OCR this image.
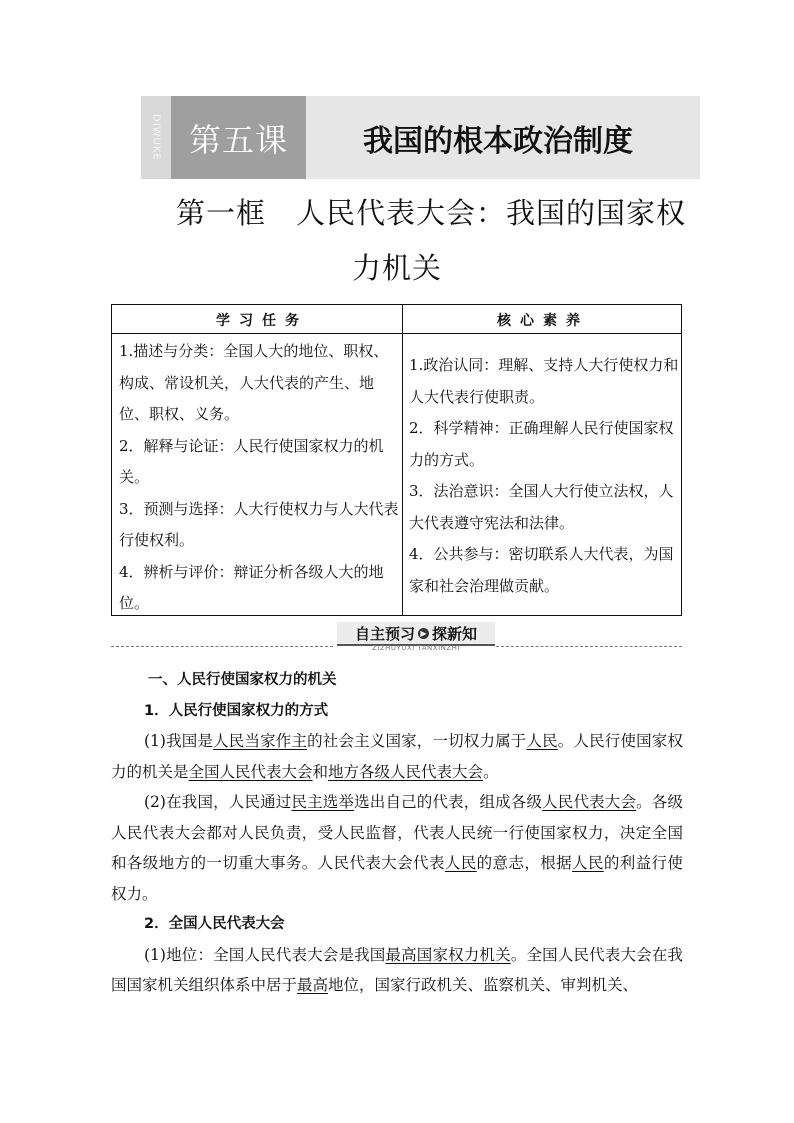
DIWUKE 第五课	我国的根本政治制度
第一框　人民代表大会：我国的国家权
力机关
学习任务	核心素养

1.描述与分类：全国人大的地位、职权、构成、常设机关，人大代表的产生、地位、职权、义务。

2．解释与论证：人民行使国家权力的机关。

3．预测与选择：人大行使权力与人大代表行使权利。

4．辨析与评价：辩证分析各级人大的地位。

1.政治认同：理解、支持人大行使权力和人大代表行使职责。

2．科学精神：正确理解人民行使国家权力的方式。

3．法治意识：全国人大行使立法权，人大代表遵守宪法和法律。

4．公共参与：密切联系人大代表，为国家和社会治理做贡献。

自主预习 ▶ 探新知
ZIZHUYUXI TANXINZHI

一、人民行使国家权力的机关

1．人民行使国家权力的方式

(1)我国是人民当家作主的社会主义国家，一切权力属于人民。人民行使国家权力的机关是全国人民代表大会和地方各级人民代表大会。

(2)在我国，人民通过民主选举选出自己的代表，组成各级人民代表大会。各级人民代表大会都对人民负责，受人民监督，代表人民统一行使国家权力，决定全国和各级地方的一切重大事务。人民代表大会代表人民的意志，根据人民的利益行使权力。

2．全国人民代表大会

(1)地位：全国人民代表大会是我国最高国家权力机关。全国人民代表大会在我国国家机关组织体系中居于最高地位，国家行政机关、监察机关、审判机关、
